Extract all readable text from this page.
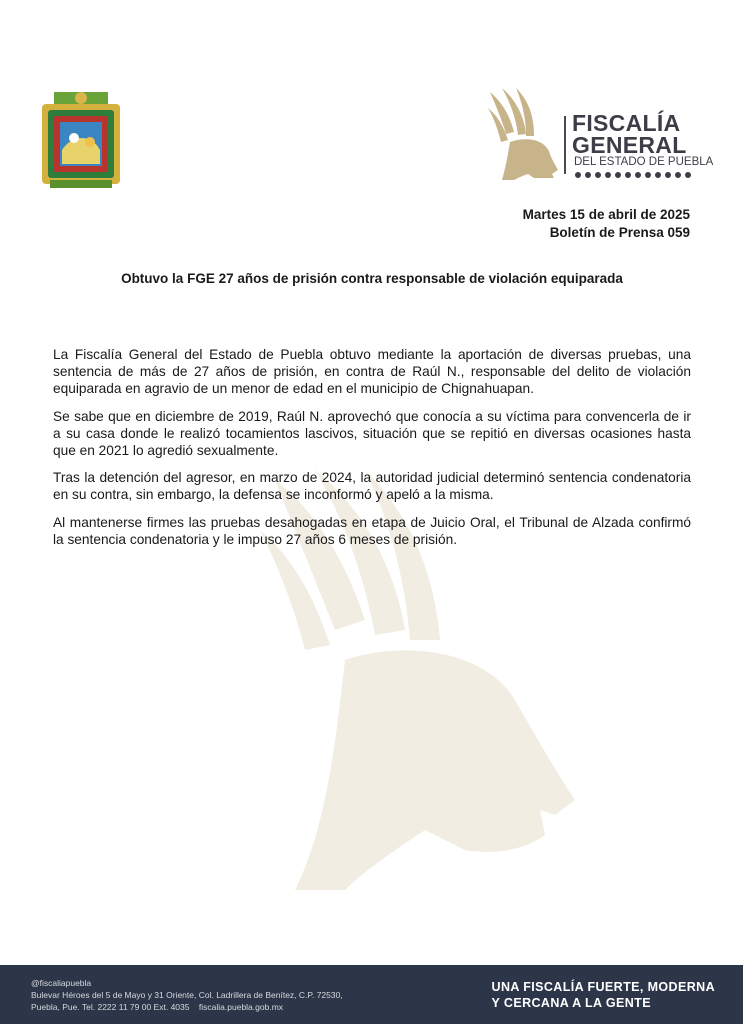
FISCALÍA
GENERAL
DEL ESTADO DE PUEBLA
Martes 15 de abril de 2025
Boletín de Prensa 059
Obtuvo la FGE 27 años de prisión contra responsable de violación equiparada

La Fiscalía General del Estado de Puebla obtuvo mediante la aportación de diversas pruebas, una sentencia de más de 27 años de prisión, en contra de Raúl N., responsable del delito de violación equiparada en agravio de un menor de edad en el municipio de Chignahuapan.

Se sabe que en diciembre de 2019, Raúl N. aprovechó que conocía a su víctima para convencerla de ir a su casa donde le realizó tocamientos lascivos, situación que se repitió en diversas ocasiones hasta que en 2021 lo agredió sexualmente.

Tras la detención del agresor, en marzo de 2024, la autoridad judicial determinó sentencia condenatoria en su contra, sin embargo, la defensa se inconformó y apeló a la misma.

Al mantenerse firmes las pruebas desahogadas en etapa de Juicio Oral, el Tribunal de Alzada confirmó la sentencia condenatoria y le impuso 27 años 6 meses de prisión.

@fiscaliapuebla
Bulevar Héroes del 5 de Mayo y 31 Oriente, Col. Ladrillera de Benítez, C.P. 72530,
Puebla, Pue. Tel. 2222 11 79 00 Ext. 4035    fiscalia.puebla.gob.mx
UNA FISCALÍA FUERTE, MODERNA
Y CERCANA A LA GENTE
